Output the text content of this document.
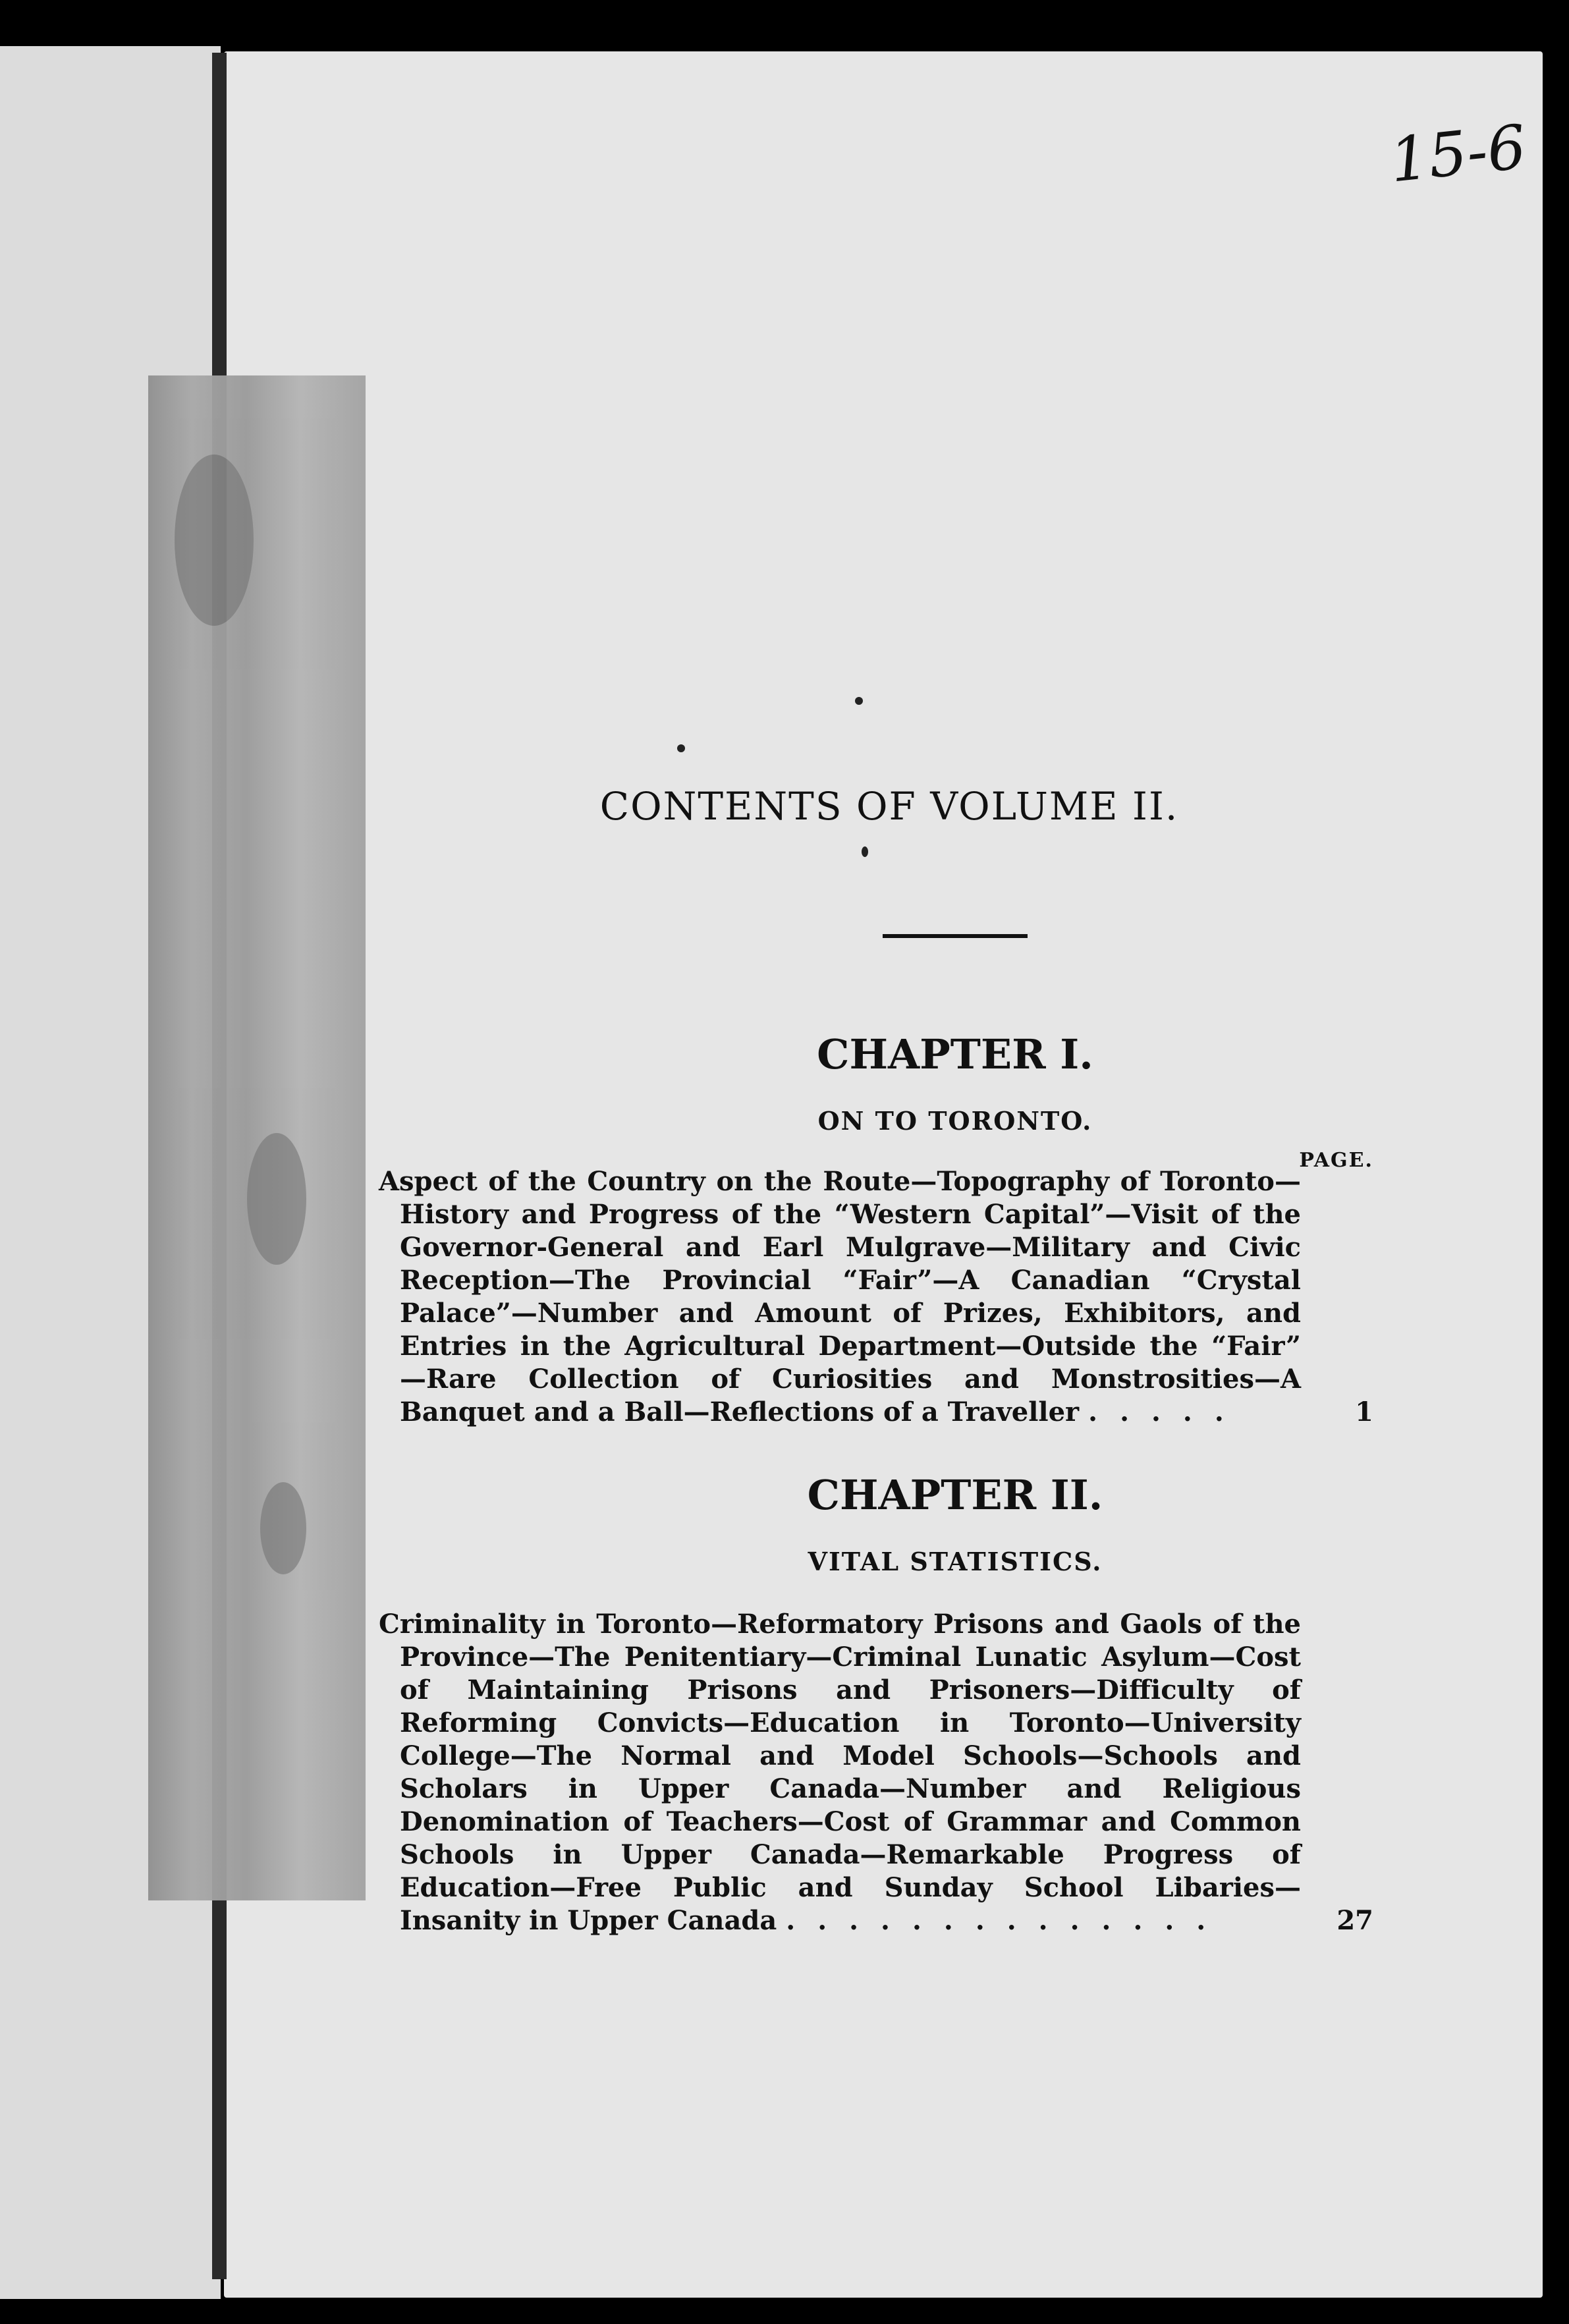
15-6
CONTENTS OF VOLUME II.
CHAPTER I.
ON TO TORONTO.

PAGE.

Aspect of the Country on the Route—Topography of Toronto—History and Progress of the “Western Capital”—Visit of the Governor-General and Earl Mulgrave—Military and Civic Reception—The Provincial “Fair”—A Canadian “Crystal Palace”—Number and Amount of Prizes, Exhibitors, and Entries in the Agricultural Department—Outside the “Fair” —Rare Collection of Curiosities and Monstrosities—A Banquet and a Ball—Reflections of a Traveller .....	1

CHAPTER II.
VITAL STATISTICS.

Criminality in Toronto—Reformatory Prisons and Gaols of the Province—The Penitentiary—Criminal Lunatic Asylum—Cost of Maintaining Prisons and Prisoners—Difficulty of Reforming Convicts—Education in Toronto—University College—The Normal and Model Schools—Schools and Scholars in Upper Canada—Number and Religious Denomination of Teachers—Cost of Grammar and Common Schools in Upper Canada—Remarkable Progress of Education—Free Public and Sunday School Libaries—Insanity in Upper Canada ..............	27
